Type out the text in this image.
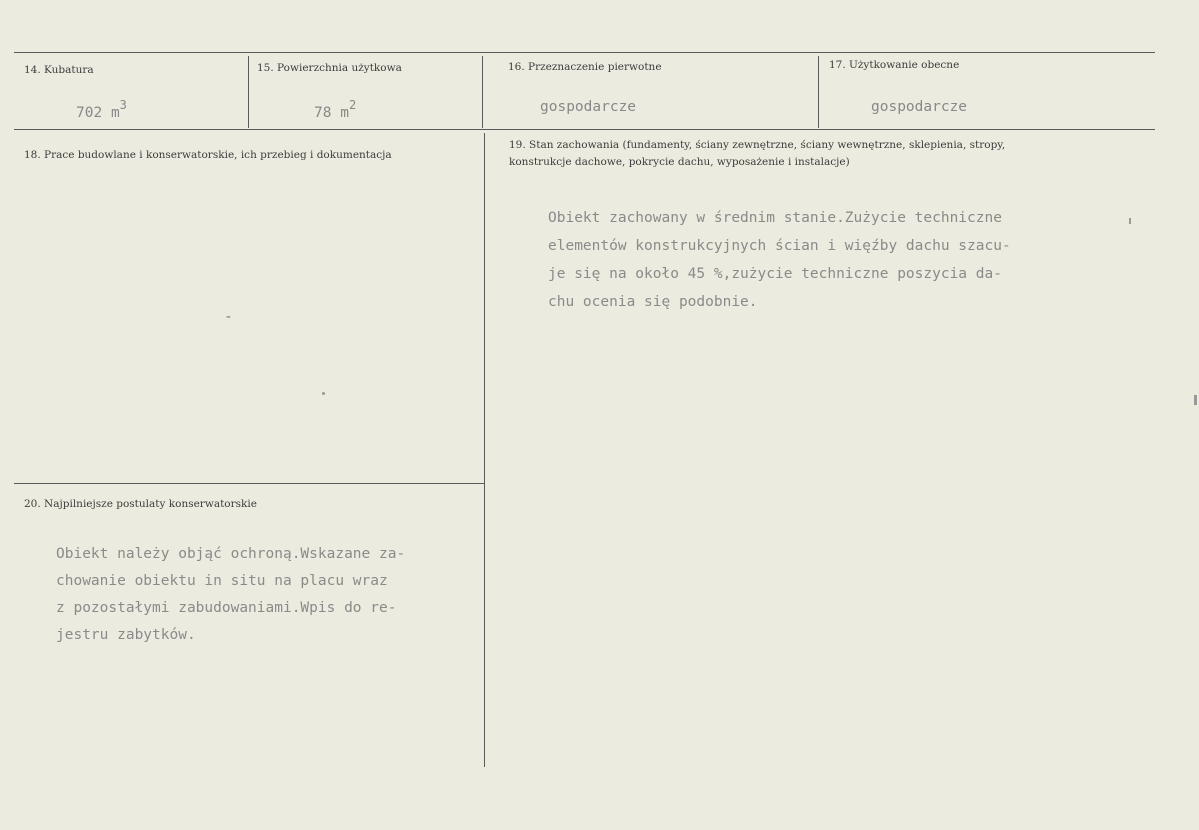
14. Kubatura
702 $m^3$
15. Powierzchnia użytkowa
78 $m^2$
16. Przeznaczenie pierwotne
gospodarcze
17. Użytkowanie obecne
gospodarcze
18. Prace budowlane i konserwatorskie, ich przebieg i dokumentacja
-
19. Stan zachowania (fundamenty, ściany zewnętrzne, ściany wewnętrzne, sklepienia, stropy, konstrukcje dachowe, pokrycie dachu, wyposażenie i instalacje)
Obiekt zachowany w średnim stanie.Zużycie techniczne
elementów konstrukcyjnych ścian i więźby dachu szacu-
je się na około 45 %,zużycie techniczne poszycia da-
chu ocenia się podobnie.
20. Najpilniejsze postulaty konserwatorskie
Obiekt należy objąć ochroną.Wskazane za-
chowanie obiektu in situ na placu wraz
z pozostałymi zabudowaniami.Wpis do re-
jestru zabytków.
